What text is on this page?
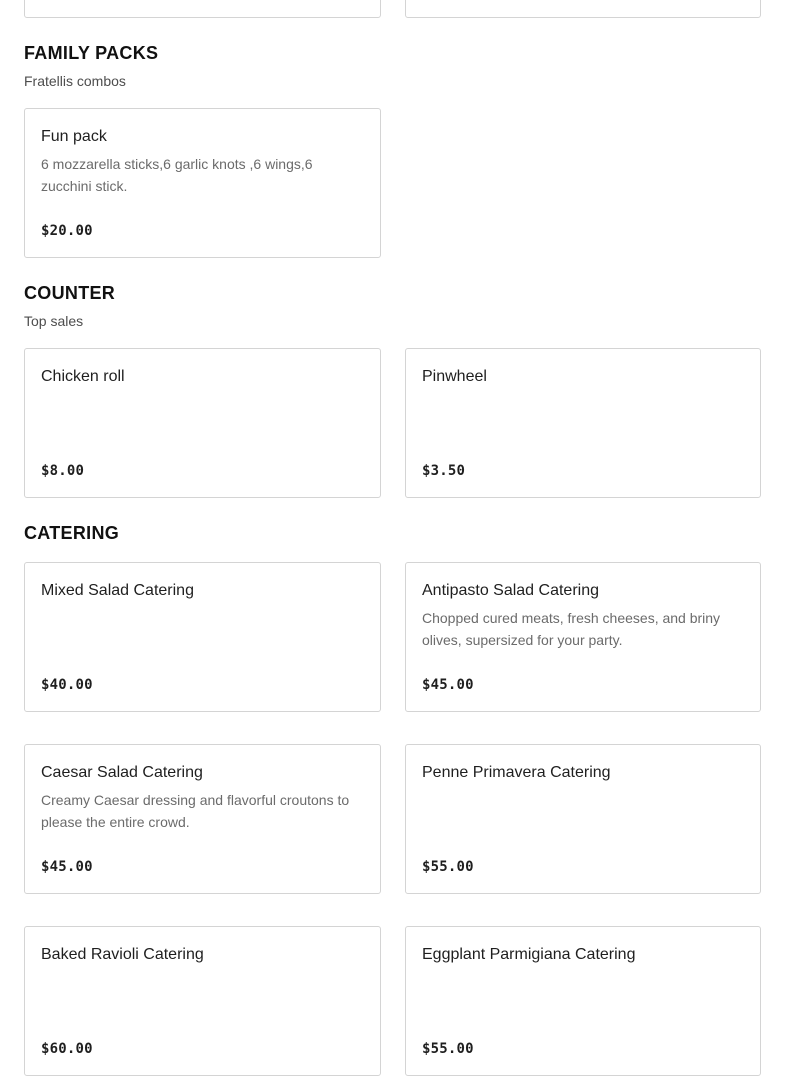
FAMILY PACKS
Fratellis combos
Fun pack
6 mozzarella sticks,6 garlic knots ,6 wings,6 zucchini stick.
$20.00
COUNTER
Top sales
Chicken roll
$8.00
Pinwheel
$3.50
CATERING
Mixed Salad Catering
$40.00
Antipasto Salad Catering
Chopped cured meats, fresh cheeses, and briny olives, supersized for your party.
$45.00
Caesar Salad Catering
Creamy Caesar dressing and flavorful croutons to please the entire crowd.
$45.00
Penne Primavera Catering
$55.00
Baked Ravioli Catering
$60.00
Eggplant Parmigiana Catering
$55.00
